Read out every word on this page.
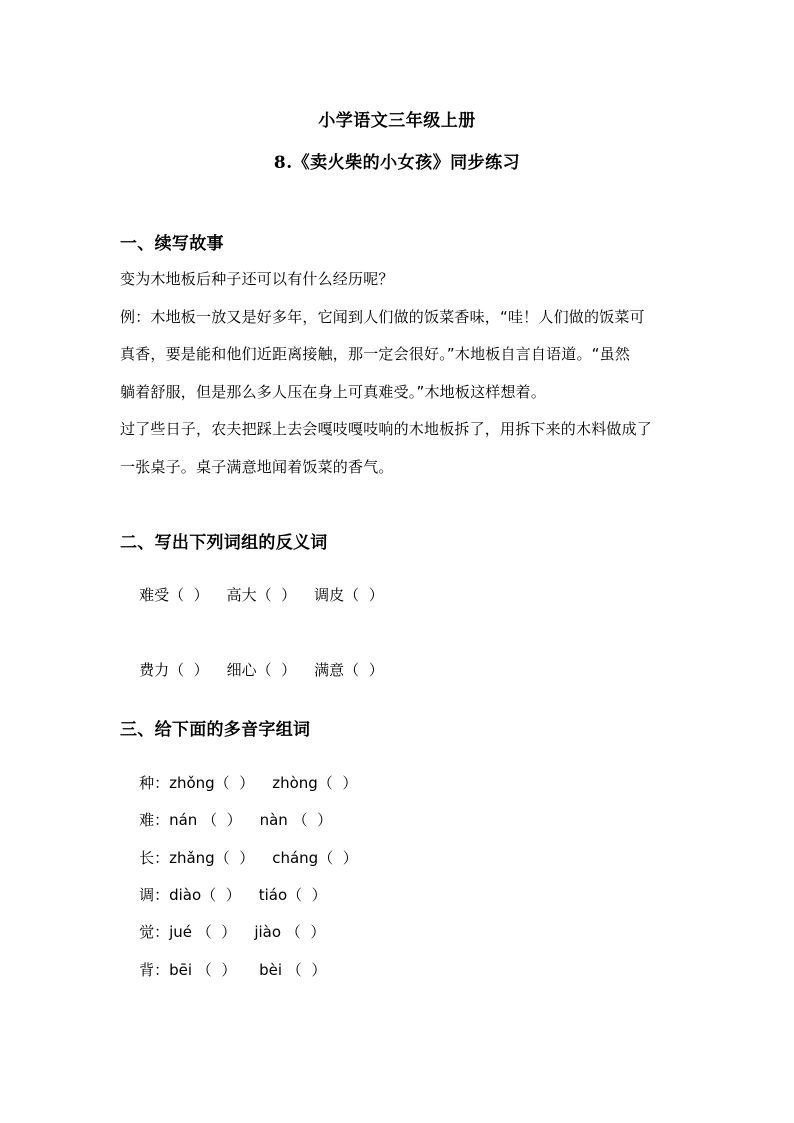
小学语文三年级上册
8.《卖火柴的小女孩》同步练习
一、续写故事
变为木地板后种子还可以有什么经历呢？
例：木地板一放又是好多年，它闻到人们做的饭菜香味，“哇！人们做的饭菜可
真香，要是能和他们近距离接触，那一定会很好。”木地板自言自语道。“虽然
躺着舒服，但是那么多人压在身上可真难受。”木地板这样想着。
过了些日子，农夫把踩上去会嘎吱嘎吱响的木地板拆了，用拆下来的木料做成了
一张桌子。桌子满意地闻着饭菜的香气。
二、写出下列词组的反义词

难受（  ） 高大（  ） 调皮（  ）

费力（  ） 细心（  ） 满意（  ）

三、给下面的多音字组词

种：zhǒng（  ） zhòng（  ）

难：nán （  ） nàn （  ）

长：zhǎng（  ） cháng（  ）

调：diào（  ） tiáo（  ）

觉：jué （  ） jiào （  ）

背：bēi （  ） bèi （  ）
